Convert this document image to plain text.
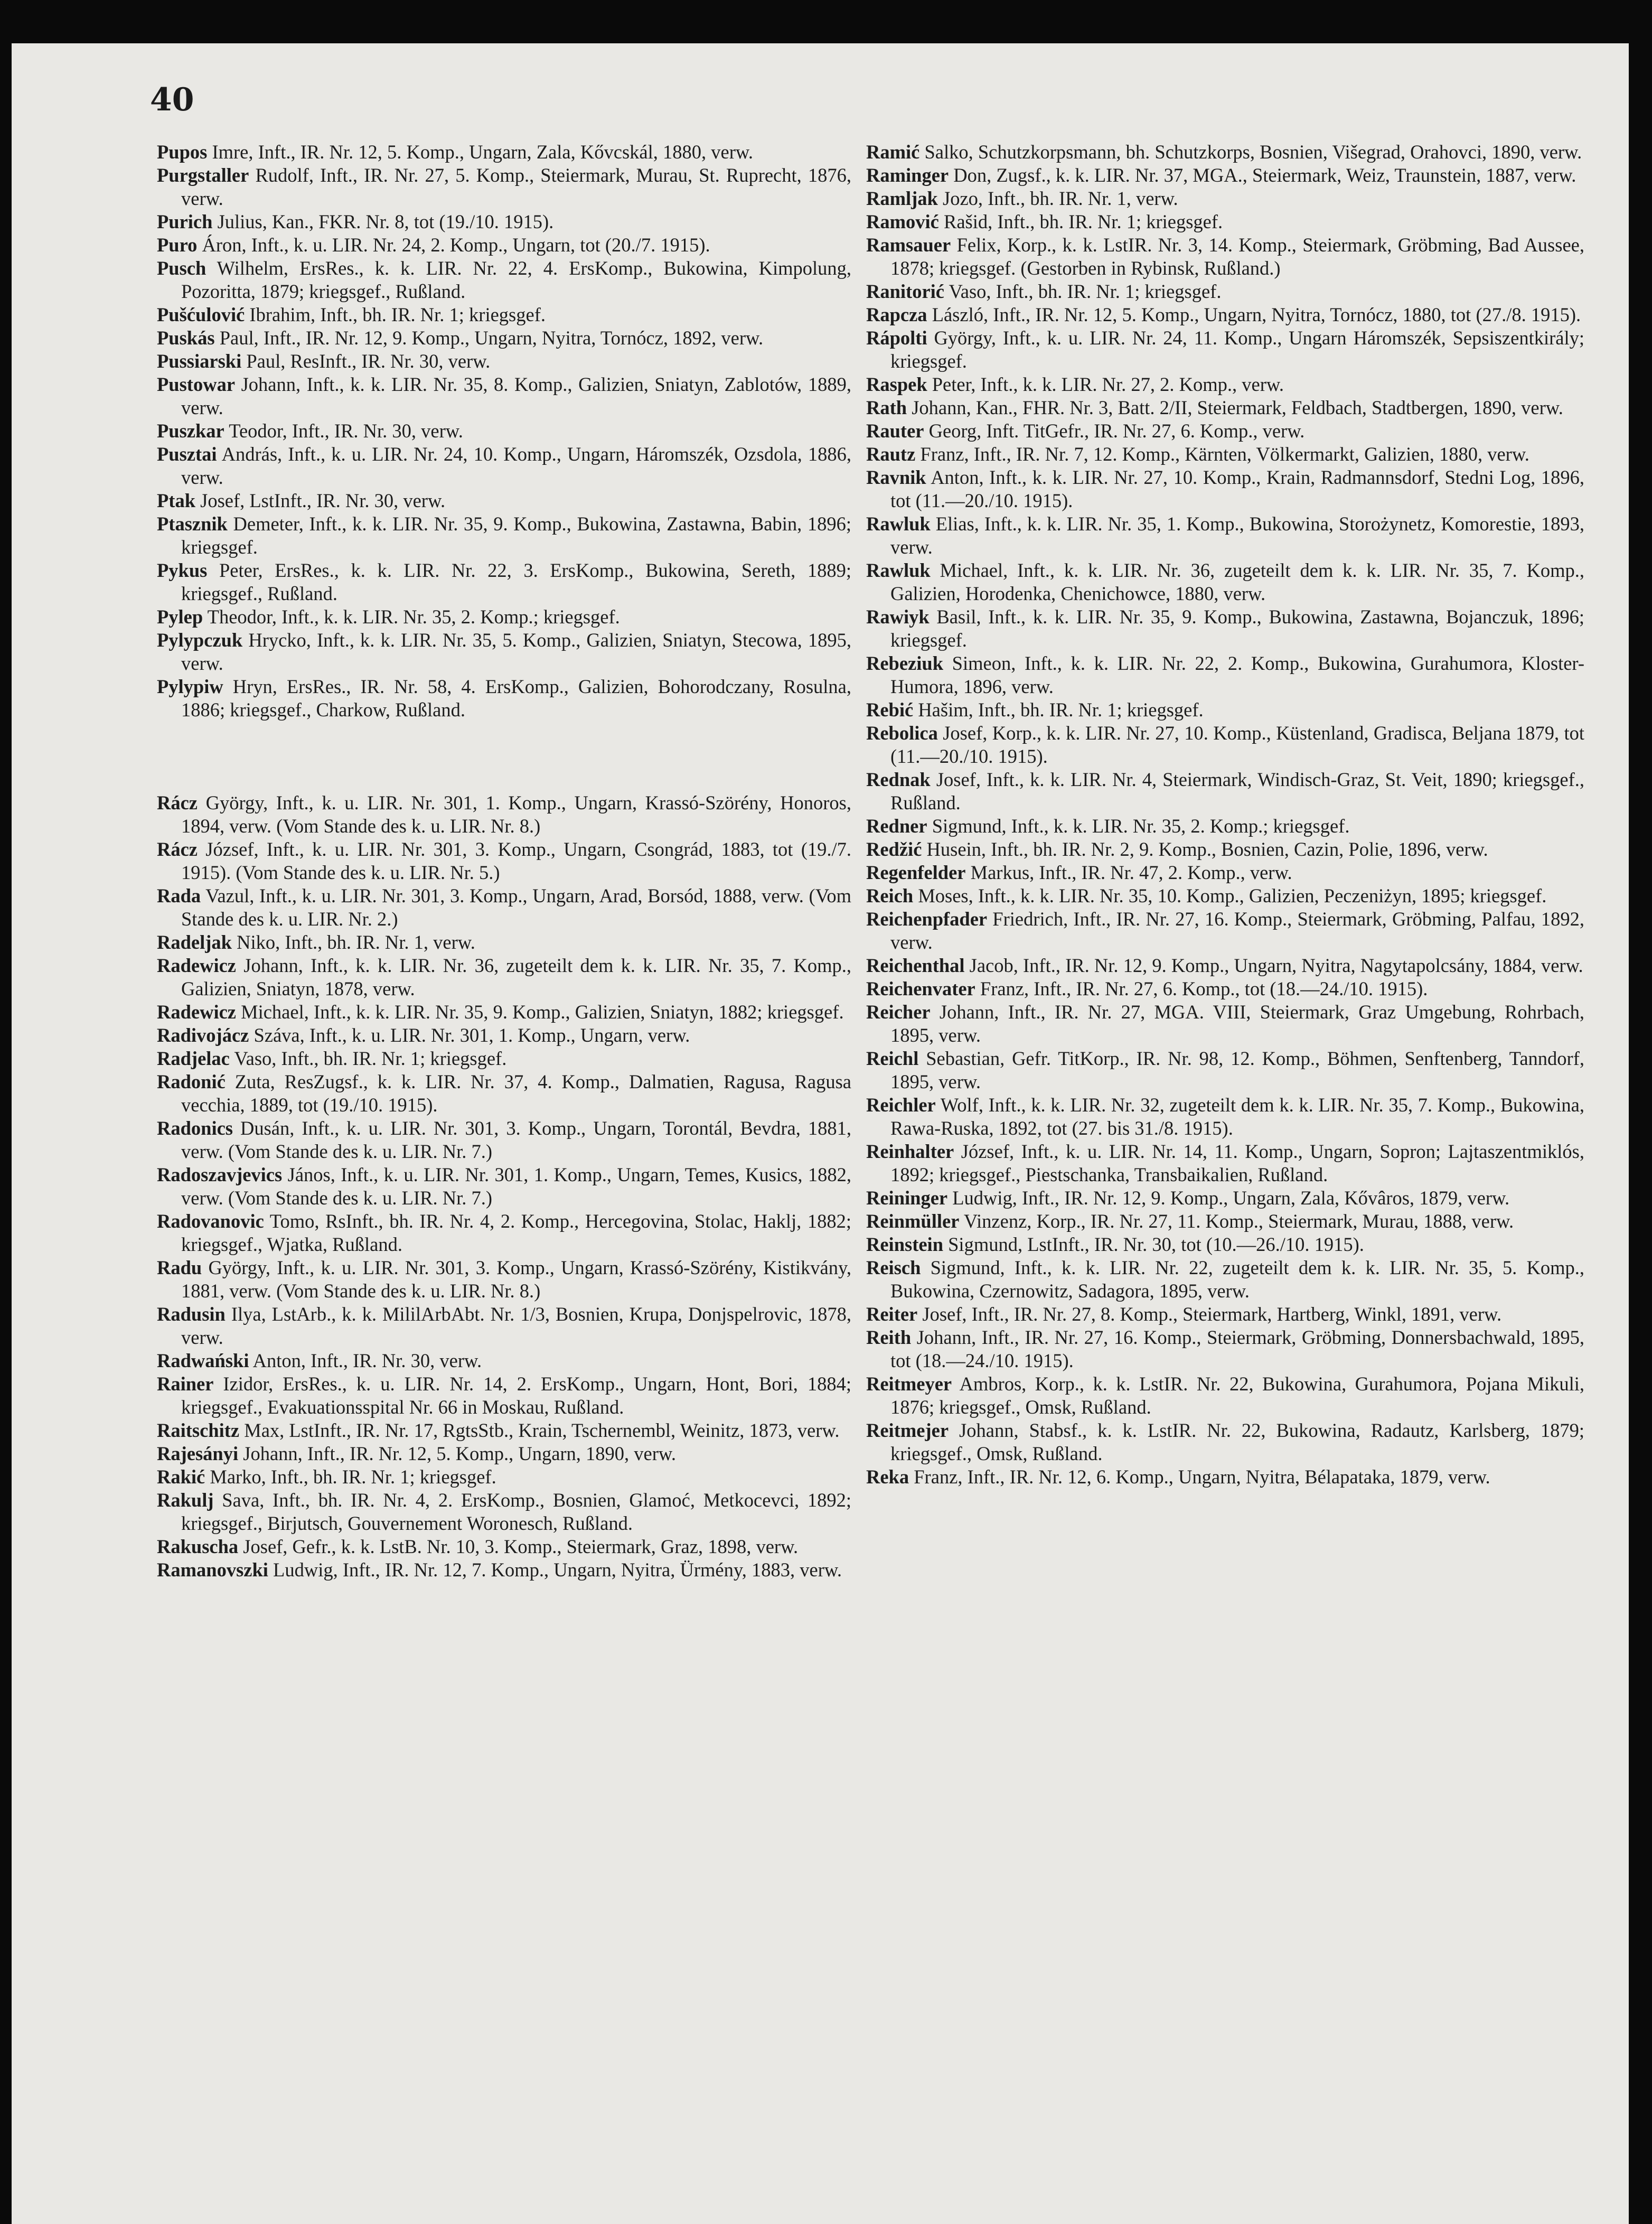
40

Pupos Imre, Inft., IR. Nr. 12, 5. Komp., Ungarn, Zala, Kővcskál, 1880, verw.

Purgstaller Rudolf, Inft., IR. Nr. 27, 5. Komp., Steiermark, Murau, St. Ruprecht, 1876, verw.

Purich Julius, Kan., FKR. Nr. 8, tot (19./10. 1915).

Puro Áron, Inft., k. u. LIR. Nr. 24, 2. Komp., Ungarn, tot (20./7. 1915).

Pusch Wilhelm, ErsRes., k. k. LIR. Nr. 22, 4. ErsKomp., Bukowina, Kimpolung, Pozoritta, 1879; kriegsgef., Rußland.

Pušćulović Ibrahim, Inft., bh. IR. Nr. 1; kriegsgef.

Puskás Paul, Inft., IR. Nr. 12, 9. Komp., Ungarn, Nyitra, Tornócz, 1892, verw.

Pussiarski Paul, ResInft., IR. Nr. 30, verw.

Pustowar Johann, Inft., k. k. LIR. Nr. 35, 8. Komp., Galizien, Sniatyn, Zablotów, 1889, verw.

Puszkar Teodor, Inft., IR. Nr. 30, verw.

Pusztai András, Inft., k. u. LIR. Nr. 24, 10. Komp., Ungarn, Háromszék, Ozsdola, 1886, verw.

Ptak Josef, LstInft., IR. Nr. 30, verw.

Ptasznik Demeter, Inft., k. k. LIR. Nr. 35, 9. Komp., Bukowina, Zastawna, Babin, 1896; kriegsgef.

Pykus Peter, ErsRes., k. k. LIR. Nr. 22, 3. ErsKomp., Bukowina, Sereth, 1889; kriegsgef., Rußland.

Pylep Theodor, Inft., k. k. LIR. Nr. 35, 2. Komp.; kriegsgef.

Pylypczuk Hrycko, Inft., k. k. LIR. Nr. 35, 5. Komp., Galizien, Sniatyn, Stecowa, 1895, verw.

Pylypiw Hryn, ErsRes., IR. Nr. 58, 4. ErsKomp., Galizien, Bohorodczany, Rosulna, 1886; kriegsgef., Charkow, Rußland.

Rácz György, Inft., k. u. LIR. Nr. 301, 1. Komp., Ungarn, Krassó-Szörény, Honoros, 1894, verw. (Vom Stande des k. u. LIR. Nr. 8.)

Rácz József, Inft., k. u. LIR. Nr. 301, 3. Komp., Ungarn, Csongrád, 1883, tot (19./7. 1915). (Vom Stande des k. u. LIR. Nr. 5.)

Rada Vazul, Inft., k. u. LIR. Nr. 301, 3. Komp., Ungarn, Arad, Borsód, 1888, verw. (Vom Stande des k. u. LIR. Nr. 2.)

Radeljak Niko, Inft., bh. IR. Nr. 1, verw.

Radewicz Johann, Inft., k. k. LIR. Nr. 36, zugeteilt dem k. k. LIR. Nr. 35, 7. Komp., Galizien, Sniatyn, 1878, verw.

Radewicz Michael, Inft., k. k. LIR. Nr. 35, 9. Komp., Galizien, Sniatyn, 1882; kriegsgef.

Radivojácz Száva, Inft., k. u. LIR. Nr. 301, 1. Komp., Ungarn, verw.

Radjelac Vaso, Inft., bh. IR. Nr. 1; kriegsgef.

Radonić Zuta, ResZugsf., k. k. LIR. Nr. 37, 4. Komp., Dalmatien, Ragusa, Ragusa vecchia, 1889, tot (19./10. 1915).

Radonics Dusán, Inft., k. u. LIR. Nr. 301, 3. Komp., Ungarn, Torontál, Bevdra, 1881, verw. (Vom Stande des k. u. LIR. Nr. 7.)

Radoszavjevics János, Inft., k. u. LIR. Nr. 301, 1. Komp., Ungarn, Temes, Kusics, 1882, verw. (Vom Stande des k. u. LIR. Nr. 7.)

Radovanovic Tomo, RsInft., bh. IR. Nr. 4, 2. Komp., Hercegovina, Stolac, Haklj, 1882; kriegsgef., Wjatka, Rußland.

Radu György, Inft., k. u. LIR. Nr. 301, 3. Komp., Ungarn, Krassó-Szörény, Kistikvány, 1881, verw. (Vom Stande des k. u. LIR. Nr. 8.)

Radusin Ilya, LstArb., k. k. MililArbAbt. Nr. 1/3, Bosnien, Krupa, Donjspelrovic, 1878, verw.

Radwański Anton, Inft., IR. Nr. 30, verw.

Rainer Izidor, ErsRes., k. u. LIR. Nr. 14, 2. ErsKomp., Ungarn, Hont, Bori, 1884; kriegsgef., Evakuationsspital Nr. 66 in Moskau, Rußland.

Raitschitz Max, LstInft., IR. Nr. 17, RgtsStb., Krain, Tschernembl, Weinitz, 1873, verw.

Rajesányi Johann, Inft., IR. Nr. 12, 5. Komp., Ungarn, 1890, verw.

Rakić Marko, Inft., bh. IR. Nr. 1; kriegsgef.

Rakulj Sava, Inft., bh. IR. Nr. 4, 2. ErsKomp., Bosnien, Glamoć, Metkocevci, 1892; kriegsgef., Birjutsch, Gouvernement Woronesch, Rußland.

Rakuscha Josef, Gefr., k. k. LstB. Nr. 10, 3. Komp., Steiermark, Graz, 1898, verw.

Ramanovszki Ludwig, Inft., IR. Nr. 12, 7. Komp., Ungarn, Nyitra, Ürmény, 1883, verw.

Ramić Salko, Schutzkorpsmann, bh. Schutzkorps, Bosnien, Višegrad, Orahovci, 1890, verw.

Raminger Don, Zugsf., k. k. LIR. Nr. 37, MGA., Steiermark, Weiz, Traunstein, 1887, verw.

Ramljak Jozo, Inft., bh. IR. Nr. 1, verw.

Ramović Rašid, Inft., bh. IR. Nr. 1; kriegsgef.

Ramsauer Felix, Korp., k. k. LstIR. Nr. 3, 14. Komp., Steiermark, Gröbming, Bad Aussee, 1878; kriegsgef. (Gestorben in Rybinsk, Rußland.)

Ranitorić Vaso, Inft., bh. IR. Nr. 1; kriegsgef.

Rapcza László, Inft., IR. Nr. 12, 5. Komp., Ungarn, Nyitra, Tornócz, 1880, tot (27./8. 1915).

Rápolti György, Inft., k. u. LIR. Nr. 24, 11. Komp., Ungarn Háromszék, Sepsiszentkirály; kriegsgef.

Raspek Peter, Inft., k. k. LIR. Nr. 27, 2. Komp., verw.

Rath Johann, Kan., FHR. Nr. 3, Batt. 2/II, Steiermark, Feldbach, Stadtbergen, 1890, verw.

Rauter Georg, Inft. TitGefr., IR. Nr. 27, 6. Komp., verw.

Rautz Franz, Inft., IR. Nr. 7, 12. Komp., Kärnten, Völkermarkt, Galizien, 1880, verw.

Ravnik Anton, Inft., k. k. LIR. Nr. 27, 10. Komp., Krain, Radmannsdorf, Stedni Log, 1896, tot (11.—20./10. 1915).

Rawluk Elias, Inft., k. k. LIR. Nr. 35, 1. Komp., Bukowina, Storożynetz, Komorestie, 1893, verw.

Rawluk Michael, Inft., k. k. LIR. Nr. 36, zugeteilt dem k. k. LIR. Nr. 35, 7. Komp., Galizien, Horodenka, Chenichowce, 1880, verw.

Rawiyk Basil, Inft., k. k. LIR. Nr. 35, 9. Komp., Bukowina, Zastawna, Bojanczuk, 1896; kriegsgef.

Rebeziuk Simeon, Inft., k. k. LIR. Nr. 22, 2. Komp., Bukowina, Gurahumora, Kloster-Humora, 1896, verw.

Rebić Hašim, Inft., bh. IR. Nr. 1; kriegsgef.

Rebolica Josef, Korp., k. k. LIR. Nr. 27, 10. Komp., Küstenland, Gradisca, Beljana 1879, tot (11.—20./10. 1915).

Rednak Josef, Inft., k. k. LIR. Nr. 4, Steiermark, Windisch-Graz, St. Veit, 1890; kriegsgef., Rußland.

Redner Sigmund, Inft., k. k. LIR. Nr. 35, 2. Komp.; kriegsgef.

Redžić Husein, Inft., bh. IR. Nr. 2, 9. Komp., Bosnien, Cazin, Polie, 1896, verw.

Regenfelder Markus, Inft., IR. Nr. 47, 2. Komp., verw.

Reich Moses, Inft., k. k. LIR. Nr. 35, 10. Komp., Galizien, Peczeniżyn, 1895; kriegsgef.

Reichenpfader Friedrich, Inft., IR. Nr. 27, 16. Komp., Steiermark, Gröbming, Palfau, 1892, verw.

Reichenthal Jacob, Inft., IR. Nr. 12, 9. Komp., Ungarn, Nyitra, Nagytapolcsány, 1884, verw.

Reichenvater Franz, Inft., IR. Nr. 27, 6. Komp., tot (18.—24./10. 1915).

Reicher Johann, Inft., IR. Nr. 27, MGA. VIII, Steiermark, Graz Umgebung, Rohrbach, 1895, verw.

Reichl Sebastian, Gefr. TitKorp., IR. Nr. 98, 12. Komp., Böhmen, Senftenberg, Tanndorf, 1895, verw.

Reichler Wolf, Inft., k. k. LIR. Nr. 32, zugeteilt dem k. k. LIR. Nr. 35, 7. Komp., Bukowina, Rawa-Ruska, 1892, tot (27. bis 31./8. 1915).

Reinhalter József, Inft., k. u. LIR. Nr. 14, 11. Komp., Ungarn, Sopron; Lajtaszentmiklós, 1892; kriegsgef., Piestschanka, Transbaikalien, Rußland.

Reininger Ludwig, Inft., IR. Nr. 12, 9. Komp., Ungarn, Zala, Kővâros, 1879, verw.

Reinmüller Vinzenz, Korp., IR. Nr. 27, 11. Komp., Steiermark, Murau, 1888, verw.

Reinstein Sigmund, LstInft., IR. Nr. 30, tot (10.—26./10. 1915).

Reisch Sigmund, Inft., k. k. LIR. Nr. 22, zugeteilt dem k. k. LIR. Nr. 35, 5. Komp., Bukowina, Czernowitz, Sadagora, 1895, verw.

Reiter Josef, Inft., IR. Nr. 27, 8. Komp., Steiermark, Hartberg, Winkl, 1891, verw.

Reith Johann, Inft., IR. Nr. 27, 16. Komp., Steiermark, Gröbming, Donnersbachwald, 1895, tot (18.—24./10. 1915).

Reitmeyer Ambros, Korp., k. k. LstIR. Nr. 22, Bukowina, Gurahumora, Pojana Mikuli, 1876; kriegsgef., Omsk, Rußland.

Reitmejer Johann, Stabsf., k. k. LstIR. Nr. 22, Bukowina, Radautz, Karlsberg, 1879; kriegsgef., Omsk, Rußland.

Reka Franz, Inft., IR. Nr. 12, 6. Komp., Ungarn, Nyitra, Bélapataka, 1879, verw.
